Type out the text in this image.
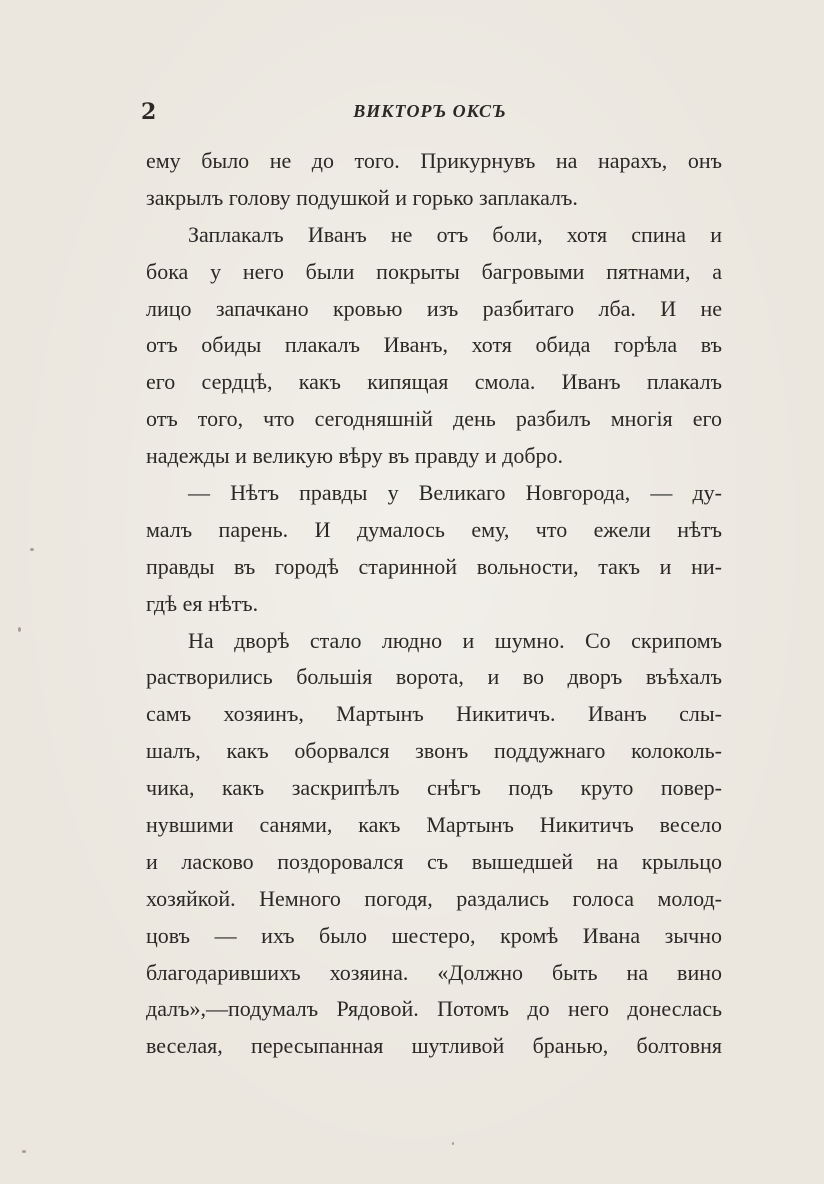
2	ВИКТОРЪ ОКСЪ
ему было не до того. Прикурнувъ на нарахъ, онъ
закрылъ голову подушкой и горько заплакалъ.
Заплакалъ Иванъ не отъ боли, хотя спина и
бока у него были покрыты багровыми пятнами, а
лицо запачкано кровью изъ разбитаго лба. И не
отъ обиды плакалъ Иванъ, хотя обида горѣла въ
его сердцѣ, какъ кипящая смола. Иванъ плакалъ
отъ того, что сегодняшнiй день разбилъ многiя его
надежды и великую вѣру въ правду и добро.
— Нѣтъ правды у Великаго Новгорода, — ду-
малъ парень. И думалось ему, что ежели нѣтъ
правды въ городѣ старинной вольности, такъ и ни-
гдѣ ея нѣтъ.
На дворѣ стало людно и шумно. Со скрипомъ
растворились большiя ворота, и во дворъ въѣхалъ
самъ хозяинъ, Мартынъ Никитичъ. Иванъ слы-
шалъ, какъ оборвался звонъ поддужнаго колоколь-
чика, какъ заскрипѣлъ снѣгъ подъ круто повер-
нувшими санями, какъ Мартынъ Никитичъ весело
и ласково поздоровался съ вышедшей на крыльцо
хозяйкой. Немного погодя, раздались голоса молод-
цовъ — ихъ было шестеро, кромѣ Ивана зычно
благодарившихъ хозяина. «Должно быть на вино
далъ»,—подумалъ Рядовой. Потомъ до него донеслась
веселая, пересыпанная шутливой бранью, болтовня
